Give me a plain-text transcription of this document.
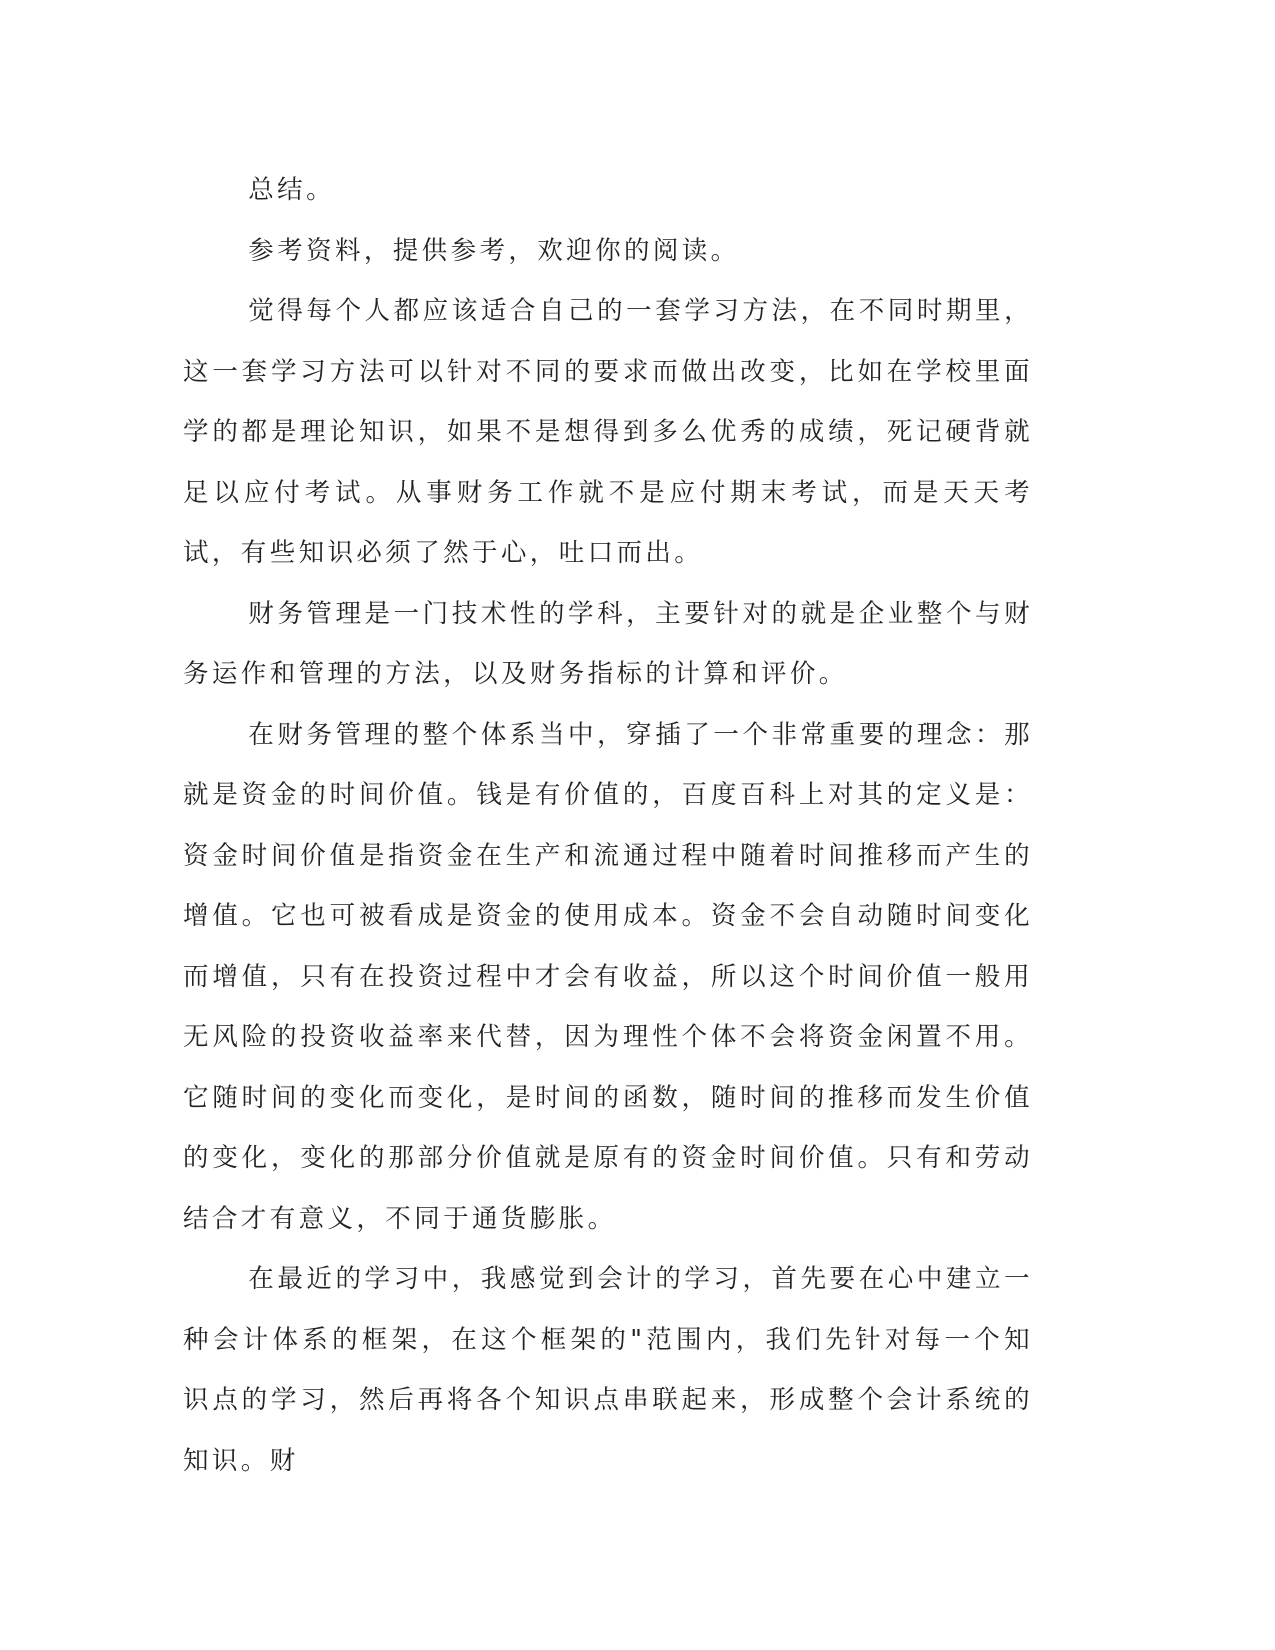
总结。

参考资料，提供参考，欢迎你的阅读。

觉得每个人都应该适合自己的一套学习方法，在不同时期里，这一套学习方法可以针对不同的要求而做出改变，比如在学校里面学的都是理论知识，如果不是想得到多么优秀的成绩，死记硬背就足以应付考试。从事财务工作就不是应付期末考试，而是天天考试，有些知识必须了然于心，吐口而出。

财务管理是一门技术性的学科，主要针对的就是企业整个与财务运作和管理的方法，以及财务指标的计算和评价。

在财务管理的整个体系当中，穿插了一个非常重要的理念：那就是资金的时间价值。钱是有价值的，百度百科上对其的定义是：资金时间价值是指资金在生产和流通过程中随着时间推移而产生的增值。它也可被看成是资金的使用成本。资金不会自动随时间变化而增值，只有在投资过程中才会有收益，所以这个时间价值一般用无风险的投资收益率来代替，因为理性个体不会将资金闲置不用。它随时间的变化而变化，是时间的函数，随时间的推移而发生价值的变化，变化的那部分价值就是原有的资金时间价值。只有和劳动结合才有意义，不同于通货膨胀。

在最近的学习中，我感觉到会计的学习，首先要在心中建立一种会计体系的框架，在这个框架的"范围内，我们先针对每一个知识点的学习，然后再将各个知识点串联起来，形成整个会计系统的知识。财
